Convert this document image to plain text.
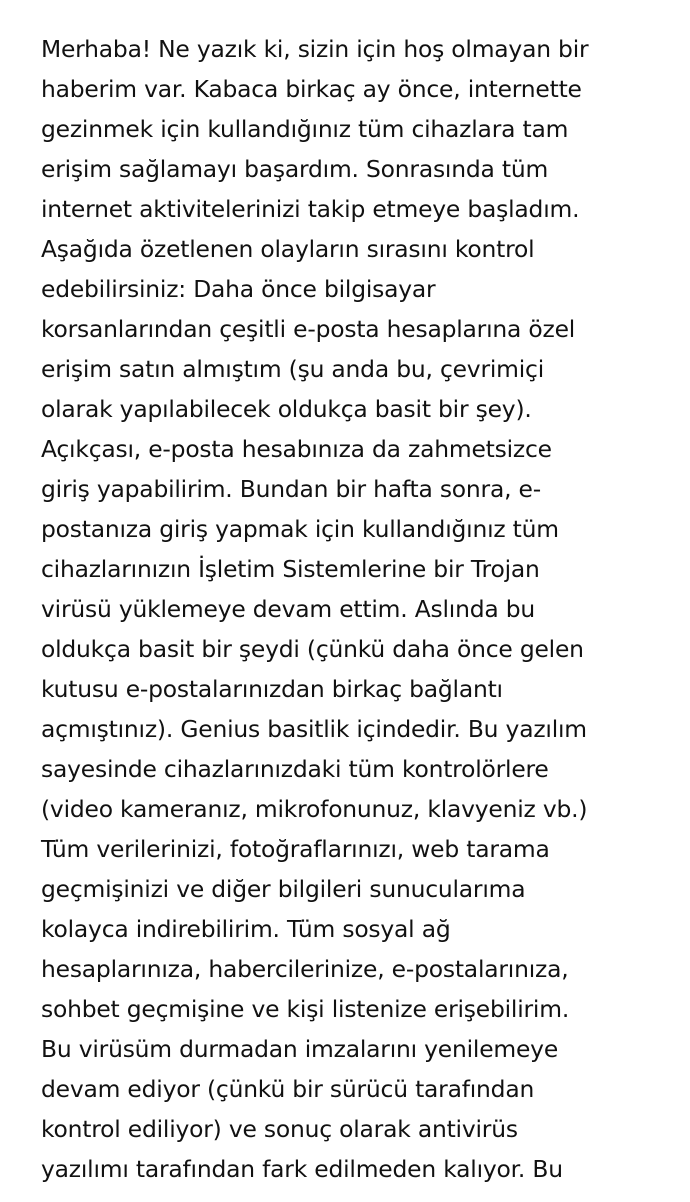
Merhaba! Ne yazık ki, sizin için hoş olmayan bir
haberim var. Kabaca birkaç ay önce, internette
gezinmek için kullandığınız tüm cihazlara tam
erişim sağlamayı başardım. Sonrasında tüm
internet aktivitelerinizi takip etmeye başladım.
Aşağıda özetlenen olayların sırasını kontrol
edebilirsiniz: Daha önce bilgisayar
korsanlarından çeşitli e-posta hesaplarına özel
erişim satın almıştım (şu anda bu, çevrimiçi
olarak yapılabilecek oldukça basit bir şey).
Açıkçası, e-posta hesabınıza da zahmetsizce
giriş yapabilirim. Bundan bir hafta sonra, e-
postanıza giriş yapmak için kullandığınız tüm
cihazlarınızın İşletim Sistemlerine bir Trojan
virüsü yüklemeye devam ettim. Aslında bu
oldukça basit bir şeydi (çünkü daha önce gelen
kutusu e-postalarınızdan birkaç bağlantı
açmıştınız). Genius basitlik içindedir. Bu yazılım
sayesinde cihazlarınızdaki tüm kontrolörlere
(video kameranız, mikrofonunuz, klavyeniz vb.)
Tüm verilerinizi, fotoğraflarınızı, web tarama
geçmişinizi ve diğer bilgileri sunucularıma
kolayca indirebilirim. Tüm sosyal ağ
hesaplarınıza, habercilerinize, e-postalarınıza,
sohbet geçmişine ve kişi listenize erişebilirim.
Bu virüsüm durmadan imzalarını yenilemeye
devam ediyor (çünkü bir sürücü tarafından
kontrol ediliyor) ve sonuç olarak antivirüs
yazılımı tarafından fark edilmeden kalıyor. Bu
